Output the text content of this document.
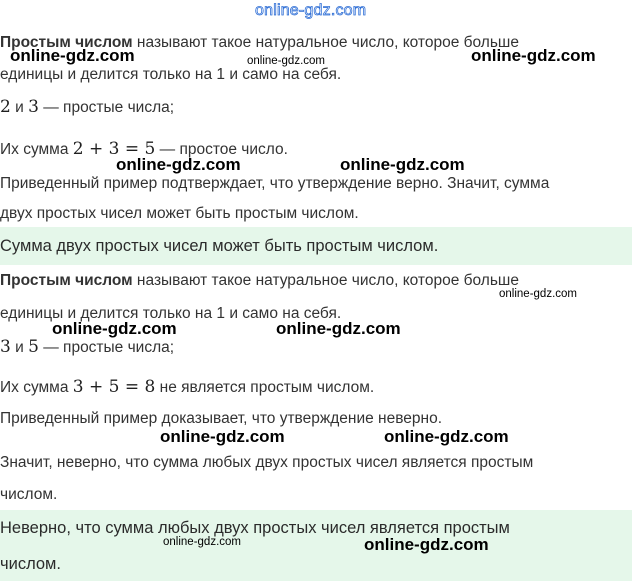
online-gdz.com
Простым числом называют такое натуральное число, которое больше
единицы и делится только на 1 и само на себя.
2 и 3 — простые числа;
Их сумма 2 + 3 = 5 — простое число.
Приведенный пример подтверждает, что утверждение верно. Значит, сумма
двух простых чисел может быть простым числом.
Сумма двух простых чисел может быть простым числом.
Простым числом называют такое натуральное число, которое больше
единицы и делится только на 1 и само на себя.
3 и 5 — простые числа;
Их сумма 3 + 5 = 8 не является простым числом.
Приведенный пример доказывает, что утверждение неверно.
Значит, неверно, что сумма любых двух простых чисел является простым
числом.
Неверно, что сумма любых двух простых чисел является простым
числом.
online-gdz.com	online-gdz.com	online-gdz.com
online-gdz.com	online-gdz.com
online-gdz.com
online-gdz.com	online-gdz.com
online-gdz.com	online-gdz.com
online-gdz.com	online-gdz.com
